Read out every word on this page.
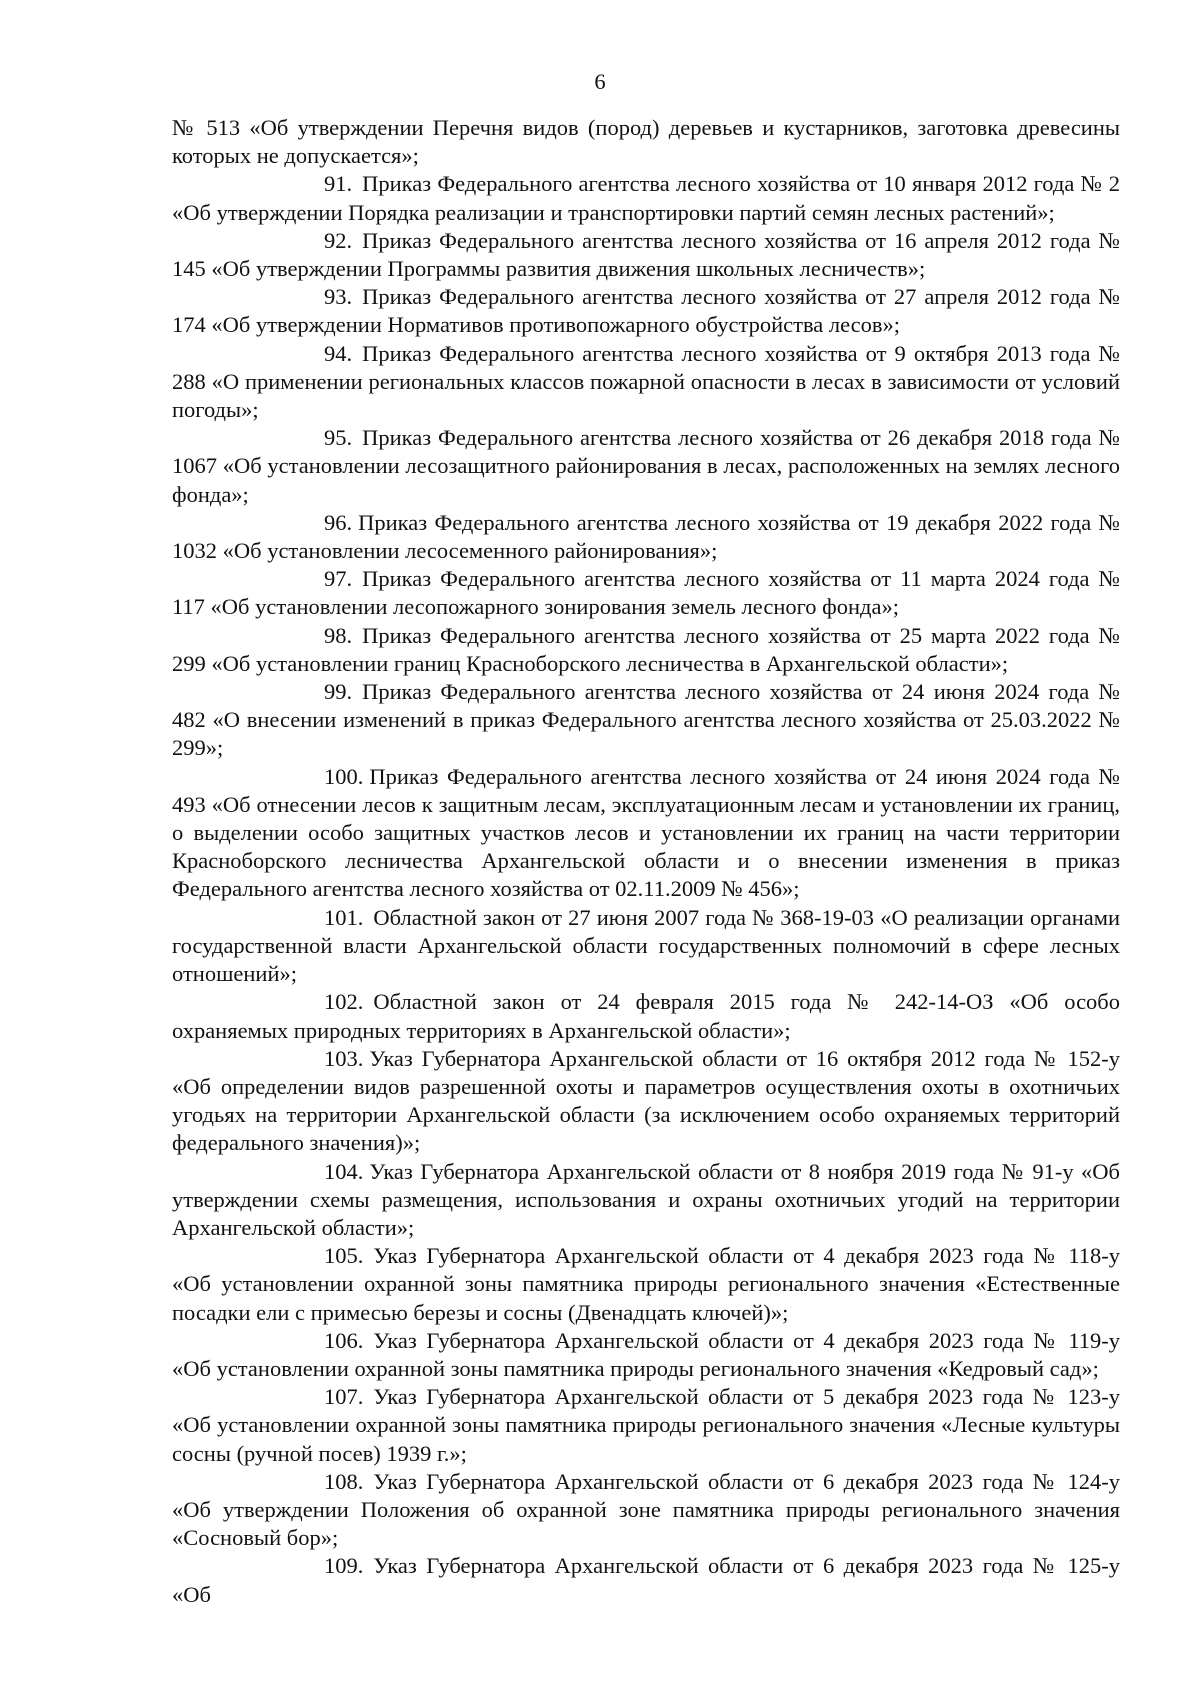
6

№ 513 «Об утверждении Перечня видов (пород) деревьев и кустарников, заготовка древесины которых не допускается»;

91. Приказ Федерального агентства лесного хозяйства от 10 января 2012 года № 2 «Об утверждении Порядка реализации и транспортировки партий семян лесных растений»;

92. Приказ Федерального агентства лесного хозяйства от 16 апреля 2012 года № 145 «Об утверждении Программы развития движения школьных лесничеств»;

93. Приказ Федерального агентства лесного хозяйства от 27 апреля 2012 года № 174 «Об утверждении Нормативов противопожарного обустройства лесов»;

94. Приказ Федерального агентства лесного хозяйства от 9 октября 2013 года № 288 «О применении региональных классов пожарной опасности в лесах в зависимости от условий погоды»;

95. Приказ Федерального агентства лесного хозяйства от 26 декабря 2018 года № 1067 «Об установлении лесозащитного районирования в лесах, расположенных на землях лесного фонда»;

96. Приказ Федерального агентства лесного хозяйства от 19 декабря 2022 года № 1032 «Об установлении лесосеменного районирования»;

97. Приказ Федерального агентства лесного хозяйства от 11 марта 2024 года № 117 «Об установлении лесопожарного зонирования земель лесного фонда»;

98. Приказ Федерального агентства лесного хозяйства от 25 марта 2022 года № 299 «Об установлении границ Красноборского лесничества в Архангельской области»;

99. Приказ Федерального агентства лесного хозяйства от 24 июня 2024 года № 482 «О внесении изменений в приказ Федерального агентства лесного хозяйства от 25.03.2022 № 299»;

100. Приказ Федерального агентства лесного хозяйства от 24 июня 2024 года № 493 «Об отнесении лесов к защитным лесам, эксплуатационным лесам и установлении их границ, о выделении особо защитных участков лесов и установлении их границ на части территории Красноборского лесничества Архангельской области и о внесении изменения в приказ Федерального агентства лесного хозяйства от 02.11.2009 № 456»;

101. Областной закон от 27 июня 2007 года № 368-19-03 «О реализации органами государственной власти Архангельской области государственных полномочий в сфере лесных отношений»;

102. Областной закон от 24 февраля 2015 года № 242-14-ОЗ «Об особо охраняемых природных территориях в Архангельской области»;

103. Указ Губернатора Архангельской области от 16 октября 2012 года № 152-у «Об определении видов разрешенной охоты и параметров осуществления охоты в охотничьих угодьях на территории Архангельской области (за исключением особо охраняемых территорий федерального значения)»;

104. Указ Губернатора Архангельской области от 8 ноября 2019 года № 91-у «Об утверждении схемы размещения, использования и охраны охотничьих угодий на территории Архангельской области»;

105. Указ Губернатора Архангельской области от 4 декабря 2023 года № 118-у «Об установлении охранной зоны памятника природы регионального значения «Естественные посадки ели с примесью березы и сосны (Двенадцать ключей)»;

106. Указ Губернатора Архангельской области от 4 декабря 2023 года № 119-у «Об установлении охранной зоны памятника природы регионального значения «Кедровый сад»;

107. Указ Губернатора Архангельской области от 5 декабря 2023 года № 123-у «Об установлении охранной зоны памятника природы регионального значения «Лесные культуры сосны (ручной посев) 1939 г.»;

108. Указ Губернатора Архангельской области от 6 декабря 2023 года № 124-у «Об утверждении Положения об охранной зоне памятника природы регионального значения «Сосновый бор»;

109. Указ Губернатора Архангельской области от 6 декабря 2023 года № 125-у «Об
